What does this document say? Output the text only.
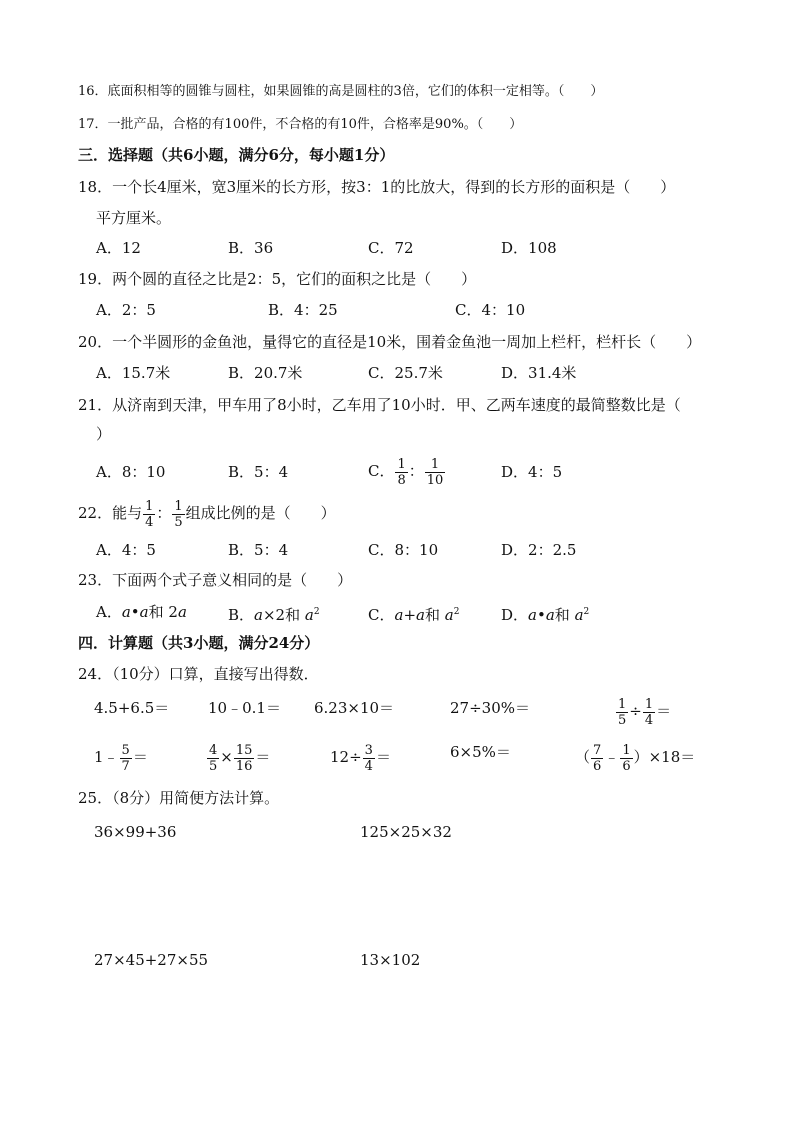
16．底面积相等的圆锥与圆柱，如果圆锥的高是圆柱的3倍，它们的体积一定相等。（　　）
17．一批产品，合格的有100件，不合格的有10件，合格率是90%。（　　）
三．选择题（共6小题，满分6分，每小题1分）
18．一个长4厘米，宽3厘米的长方形，按3：1的比放大，得到的长方形的面积是（　　）
平方厘米。
A．12	B．36	C．72	D．108
19．两个圆的直径之比是2：5，它们的面积之比是（　　）
A．2：5	B．4：25	C．4：10
20．一个半圆形的金鱼池，量得它的直径是10米，围着金鱼池一周加上栏杆，栏杆长（　　）
A．15.7米	B．20.7米	C．25.7米	D．31.4米
21．从济南到天津，甲车用了8小时，乙车用了10小时．甲、乙两车速度的最简整数比是（
）
A．8：10	B．5：4	C． $\frac{1}{8}$ ： $\frac{1}{10}$	D．4：5
22．能与 $\frac{1}{4}$ ： $\frac{1}{5}$ 组成比例的是（　　）
A．4：5	B．5：4	C．8：10	D．2：2.5
23．下面两个式子意义相同的是（　　）
A．a•a和 2a	B．a×2和 $a^2$	C．a+a和 $a^2$	D．a•a和 $a^2$
四．计算题（共3小题，满分24分）
24．（10分）口算，直接写出得数．
4.5+6.5＝	10﹣0.1＝ 6.23×10＝	27÷30%＝	$\frac{1}{5} \div \frac{1}{4}$ ＝
1﹣ $\frac{5}{7}$ ＝	$\frac{4}{5} \times \frac{15}{16}$ ＝	$12\div \frac{3}{4}$ ＝	6×5%＝	（ $\frac{7}{6}$ ﹣ $\frac{1}{6} )\times 18=$
25．（8分）用简便方法计算。
36×99+36	125×25×32
27×45+27×55	13×102
